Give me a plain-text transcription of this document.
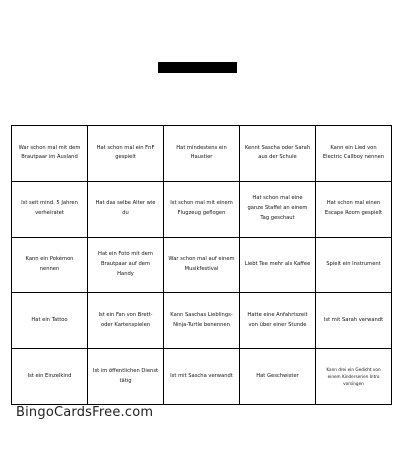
War schon mal mit dem Brautpaar im Ausland
Hat schon mal ein FnF gespielt
Hat mindestens ein Haustier
Kennt Sascha oder Sarah aus der Schule
Kann ein Lied von Electric Callboy nennen
Ist seit mind. 5 Jahren verheiratet
Hat das selbe Alter wie du
Ist schon mal mit einem Flugzeug geflogen
Hat schon mal eine ganze Staffel an einem Tag geschaut
Hat schon mal einen Escape Room gespielt
Kann ein Pokémon nennen
Hat ein Foto mit dem Brautpaar auf dem Handy
War schon mal auf einem Musikfestival
Liebt Tee mehr als Kaffee	Spielt ein Instrument
Hat ein Tattoo
Ist ein Fan von Brett- oder Kartenspielen
Kann Saschas Lieblings-Ninja-Turtle benennen
Hatte eine Anfahrtszeit von über einer Stunde
Ist mit Sarah verwandt
Ist ein Einzelkind
Ist im öffentlichen Dienst tätig
Ist mit Sascha verwandt	Hat Geschwister
Kann drei ein Gedicht von einem Kinderserien Intro vorsingen
BingoCardsFree.com
